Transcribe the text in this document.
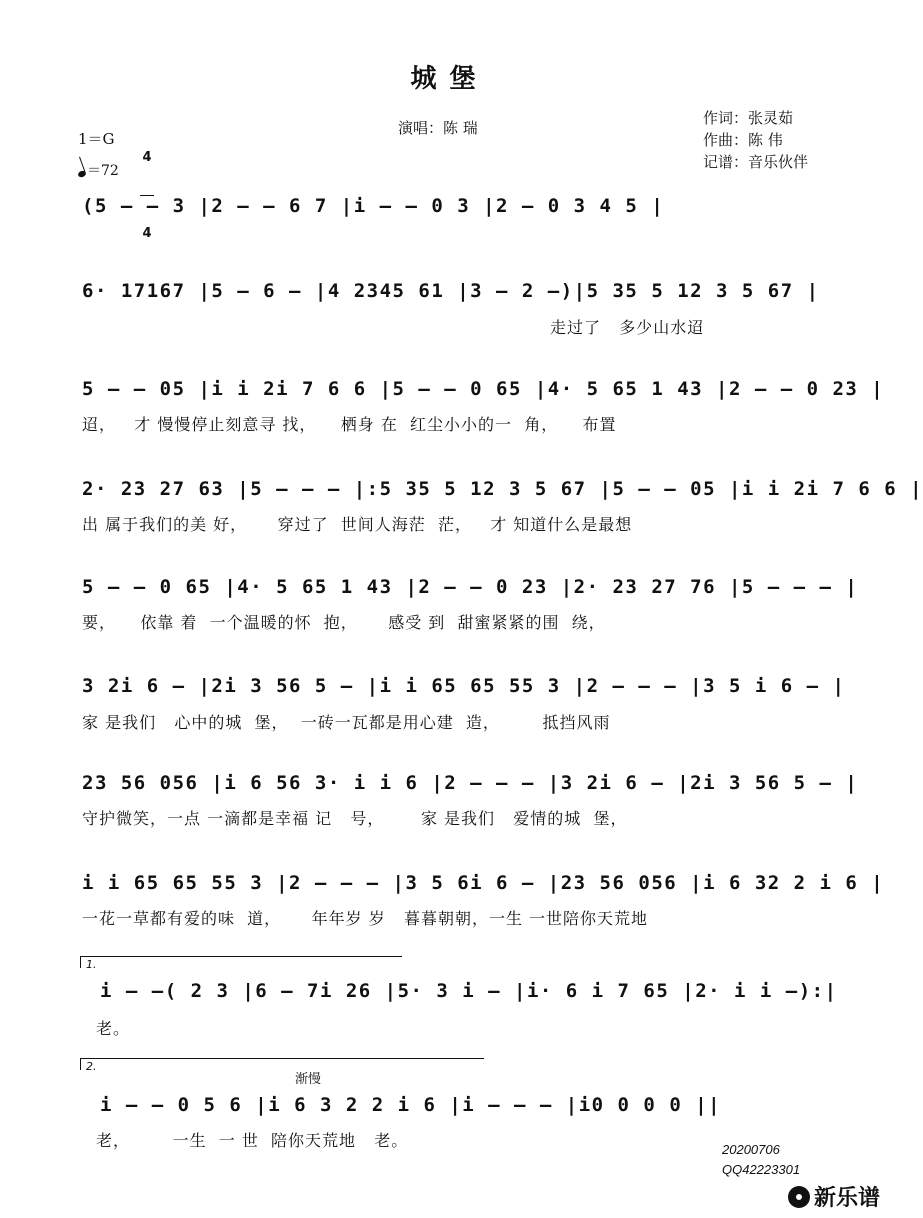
城 堡
演唱：陈 瑞
作词：张灵茹
作曲：陈 伟
记谱：音乐伙伴
1＝G

4

4

＝72
(5 – – 3 |2 – – 6 7 |i – – 0 3 |2 – 0 3 4 5 |
6· 17167 |5 – 6 – |4 2345 61 |3 – 2 –)|5 35 5 12 3 5 67 |
走过了   多少山水迢
5 – – 05 |i i 2i 7 6 6 |5 – – 0 65 |4· 5 65 1 43 |2 – – 0 23 |
迢，   才 慢慢停止刻意寻 找，    栖身 在  红尘小小的一  角，    布置
2· 23 27 63 |5 – – – |:5 35 5 12 3 5 67 |5 – – 05 |i i 2i 7 6 6 |
出 属于我们的美 好，     穿过了  世间人海茫  茫，   才 知道什么是最想
5 – – 0 65 |4· 5 65 1 43 |2 – – 0 23 |2· 23 27 76 |5 – – – |
要，    依靠 着  一个温暖的怀  抱，     感受 到  甜蜜紧紧的围  绕，
3 2i 6 – |2i 3 56 5 – |i i 65 65 55 3 |2 – – – |3 5 i 6 – |
家 是我们   心中的城  堡，  一砖一瓦都是用心建  造，       抵挡风雨
23 56 056 |i 6 56 3· i i 6 |2 – – – |3 2i 6 – |2i 3 56 5 – |
守护微笑，一点 一滴都是幸福 记   号，      家 是我们   爱情的城  堡，
i i 65 65 55 3 |2 – – – |3 5 6i 6 – |23 56 056 |i 6 32 2 i 6 |
一花一草都有爱的味  道，     年年岁 岁   暮暮朝朝，一生 一世陪你天荒地
1.
i – –( 2 3 |6 – 7i 26 |5· 3 i – |i· 6 i 7 65 |2· i i –):|
老。
2.
渐慢
i – – 0 5 6 |i 6 3 2 2 i 6 |i – – – |i0 0 0 0 ||
老，       一生  一 世  陪你天荒地   老。	20200706
QQ42223301
新乐谱
